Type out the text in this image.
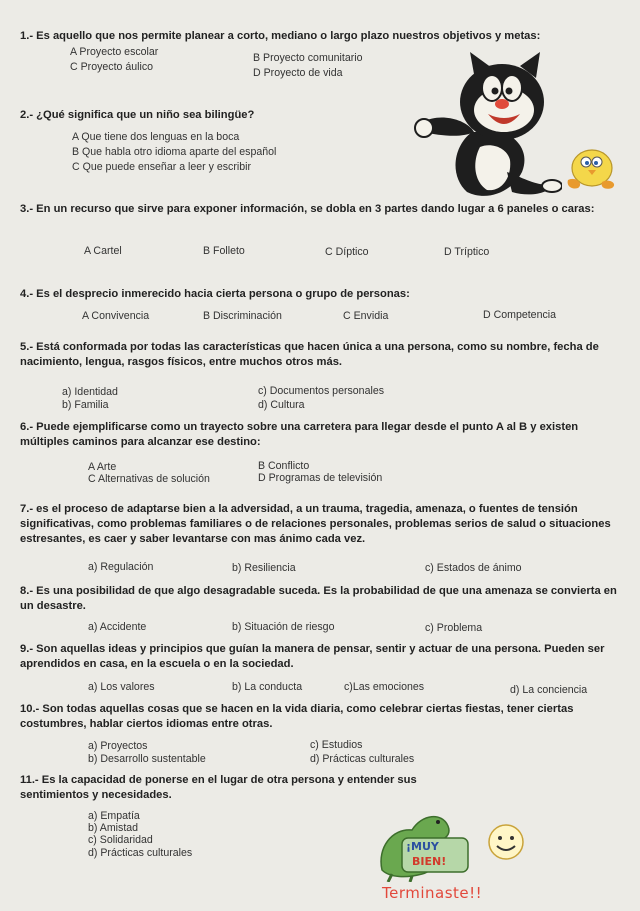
1.- Es aquello que nos permite planear a corto, mediano o largo plazo nuestros objetivos y metas:
A Proyecto escolar	B Proyecto comunitario
C Proyecto áulico	D Proyecto de vida
2.- ¿Qué significa que un niño sea bilingüe?
A Que tiene dos lenguas en la boca
B Que habla otro idioma aparte del español
C Que puede enseñar a leer y escribir
3.- En un recurso que sirve para exponer información, se dobla en 3 partes dando lugar a 6 paneles o caras:
A Cartel	B Folleto	C Díptico	D Tríptico
4.- Es el desprecio inmerecido hacia cierta persona o grupo de personas:
A Convivencia	B Discriminación	C Envidia	D Competencia
5.- Está conformada por todas las características que hacen única a una persona, como su nombre, fecha de nacimiento, lengua, rasgos físicos, entre muchos otros más.
a) Identidad	c) Documentos personales
b) Familia	d) Cultura
6.- Puede ejemplificarse como un trayecto sobre una carretera para llegar desde el punto A al B y existen múltiples caminos para alcanzar ese destino:
A Arte	B Conflicto
C Alternativas de solución	D Programas de televisión
7.- es el proceso de adaptarse bien a la adversidad, a un trauma, tragedia, amenaza, o fuentes de tensión significativas, como problemas familiares o de relaciones personales, problemas serios de salud o situaciones estresantes, es caer y saber levantarse con mas ánimo cada vez.
a) Regulación	b) Resiliencia	c) Estados de ánimo
8.- Es una posibilidad de que algo desagradable suceda. Es la probabilidad de que una amenaza se convierta en un desastre.
a) Accidente	b) Situación de riesgo	c) Problema
9.- Son aquellas ideas y principios que guían la manera de pensar, sentir y actuar de una persona. Pueden ser aprendidos en casa, en la escuela o en la sociedad.
a) Los valores	b) La conducta	c)Las emociones	d) La conciencia
10.- Son todas aquellas cosas que se hacen en la vida diaria, como celebrar ciertas fiestas, tener ciertas costumbres, hablar ciertos idiomas entre otras.
a) Proyectos	c) Estudios
b) Desarrollo sustentable	d) Prácticas culturales
11.- Es la capacidad de ponerse en el lugar de otra persona y entender sus sentimientos y necesidades.
a) Empatía
b) Amistad
c) Solidaridad
d) Prácticas culturales	¡MUY
BIEN!
Terminaste!!
